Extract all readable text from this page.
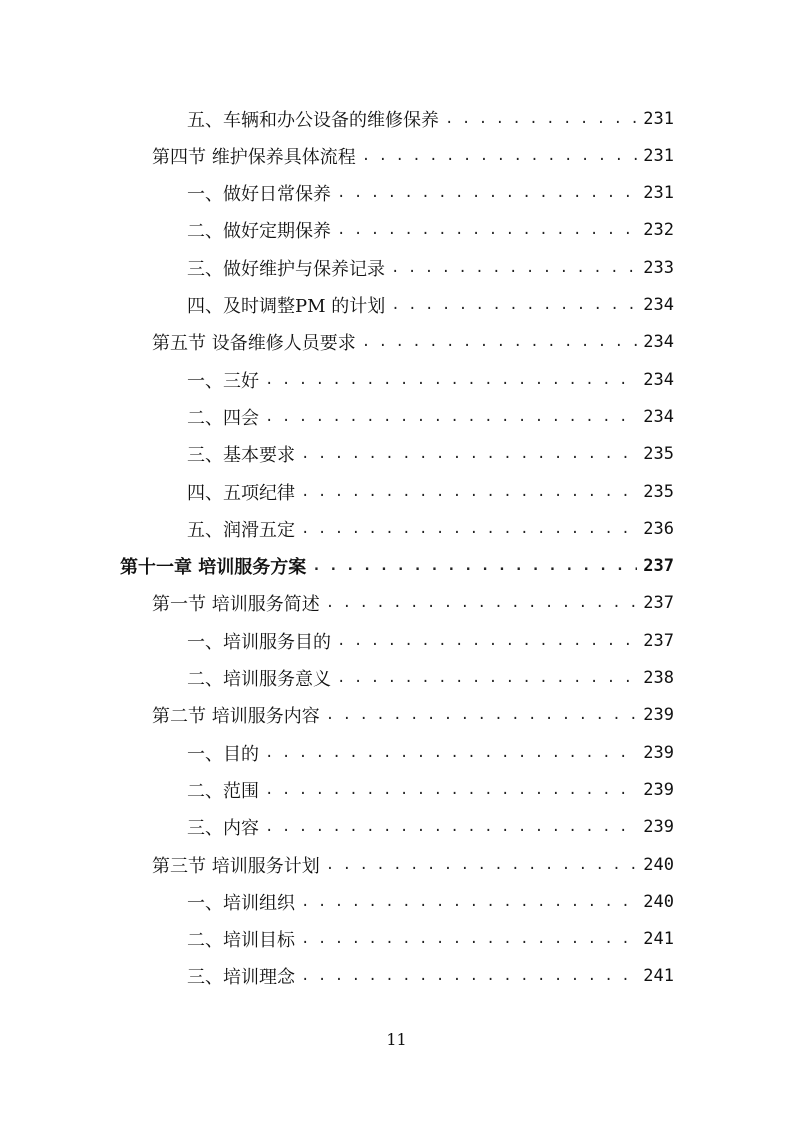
五、车辆和办公设备的维修保养 . . .	231
第四节 维护保养具体流程 . . .	231
一、做好日常保养 . . .	231
二、做好定期保养 . . .	232
三、做好维护与保养记录 . . .	233
四、及时调整PM 的计划 . . .	234
第五节 设备维修人员要求 . . .	234
一、三好 . . .	234
二、四会 . . .	234
三、基本要求 . . .	235
四、五项纪律 . . .	235
五、润滑五定 . . .	236
第十一章 培训服务方案 . . .	237
第一节 培训服务简述 . . .	237
一、培训服务目的 . . .	237
二、培训服务意义 . . .	238
第二节 培训服务内容 . . .	239
一、目的 . . .	239
二、范围 . . .	239
三、内容 . . .	239
第三节 培训服务计划 . . .	240
一、培训组织 . . .	240
二、培训目标 . . .	241
三、培训理念 . . .	241
11
